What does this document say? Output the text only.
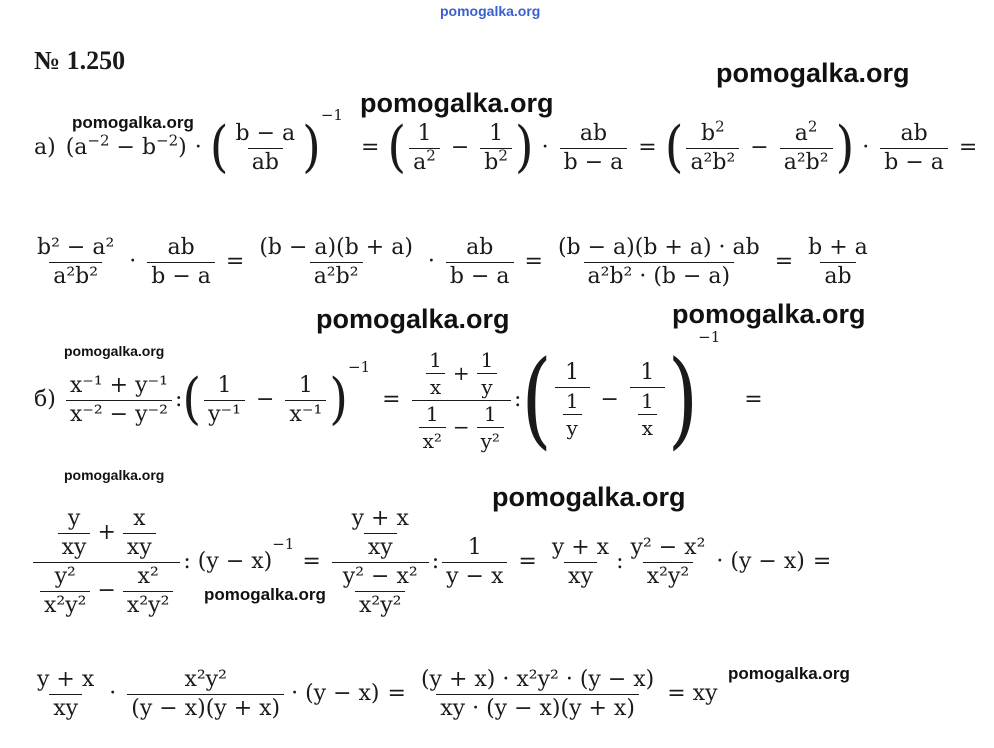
pomogalka.org
pomogalka.org
pomogalka.org
pomogalka.org
pomogalka.org	pomogalka.org
pomogalka.org
pomogalka.org
pomogalka.org
pomogalka.org
pomogalka.org
№ 1.250
а) $(a^{-2} - b^{-2})$ · ( $\frac{b - a}{ab}$ )
−1
= ( $\frac{1}{a^2} - \frac{1}{b^2}$ ) · $\frac{ab}{b - a}$ = ( $\frac{b^2}{\text{a²b²}} - \frac{a^2}{\text{a²b²}}$ ) · $\frac{ab}{b - a}$ =
$\frac{\text{b² − a²}}{\text{a²b²}} \cdot \frac{ab}{b - a} = \frac{(b - a)(b + a)}{\text{a²b²}} \cdot \frac{ab}{b - a} = \frac{(b - a)(b + a) \cdot ab}{\text{a²b² · (b − a)}} = \frac{b + a}{ab}$
$б) \frac{\text{x⁻¹ + y⁻¹}}{\text{x⁻² − y⁻²}}$ : ( $\frac{1}{\text{y⁻¹}} - \frac{1}{\text{x⁻¹}}$ )
−1
= $\frac{\frac{1}{x} + \frac{1}{y}}{\frac{1}{\text{x²}} - \frac{1}{\text{y²}}}$ : ( $\frac{1}{\frac{1}{y}} - \frac{1}{\frac{1}{x}}$ )
−1
=
$\frac{\frac{y}{xy} + \frac{x}{xy}}{\frac{\text{y²}}{\text{x²y²}} - \frac{\text{x²}}{\text{x²y²}}}$ : (y − x)
−1
= $\frac{\frac{y + x}{xy}}{\frac{\text{y² − x²}}{\text{x²y²}}}$ : $\frac{1}{y - x} = \frac{y + x}{xy}$ : $\frac{\text{y² − x²}}{\text{x²y²}} \cdot (y - x)$ =
$\frac{y + x}{xy} \cdot \frac{\text{x²y²}}{(y - x)(y + x)} \cdot (y - x) = \frac{\text{(y + x) · x²y² · (y − x)}}{xy \cdot (y - x)(y + x)}$ = xy
